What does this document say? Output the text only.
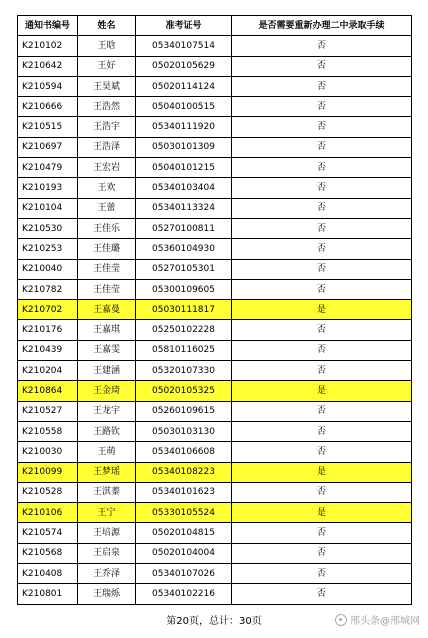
通知书编号	姓名	准考证号	是否需要重新办理二中录取手续
K210102	王晗	05340107514	否
K210642	王好	05020105629	否
K210594	王昊斌	05020114124	否
K210666	王浩然	05040100515	否
K210515	王浩宇	05340111920	否
K210697	王浩泽	05030101309	否
K210479	王宏岩	05040101215	否
K210193	王欢	05340103404	否
K210104	王蕾	05340113324	否
K210530	王佳乐	05270100811	否
K210253	王佳璐	05360104930	否
K210040	王佳莹	05270105301	否
K210782	王佳莹	05300109605	否
K210702	王嘉曼	05030111817	是
K210176	王嘉琪	05250102228	否
K210439	王嘉雯	05810116025	否
K210204	王建涵	05320107330	否
K210864	王金琦	05020105325	是
K210527	王龙宇	05260109615	否
K210558	王路钦	05030103130	否
K210030	王萌	05340106608	否
K210099	王梦瑶	05340108223	是
K210528	王淇蓁	05340101623	否
K210106	王宁	05330105524	是
K210574	王培源	05020104815	否
K210568	王启泉	05020104004	否
K210408	王乔泽	05340107026	否
K210801	王瑞烁	05340102216	否
第20页，总计：30页	邢头条@邢城网
